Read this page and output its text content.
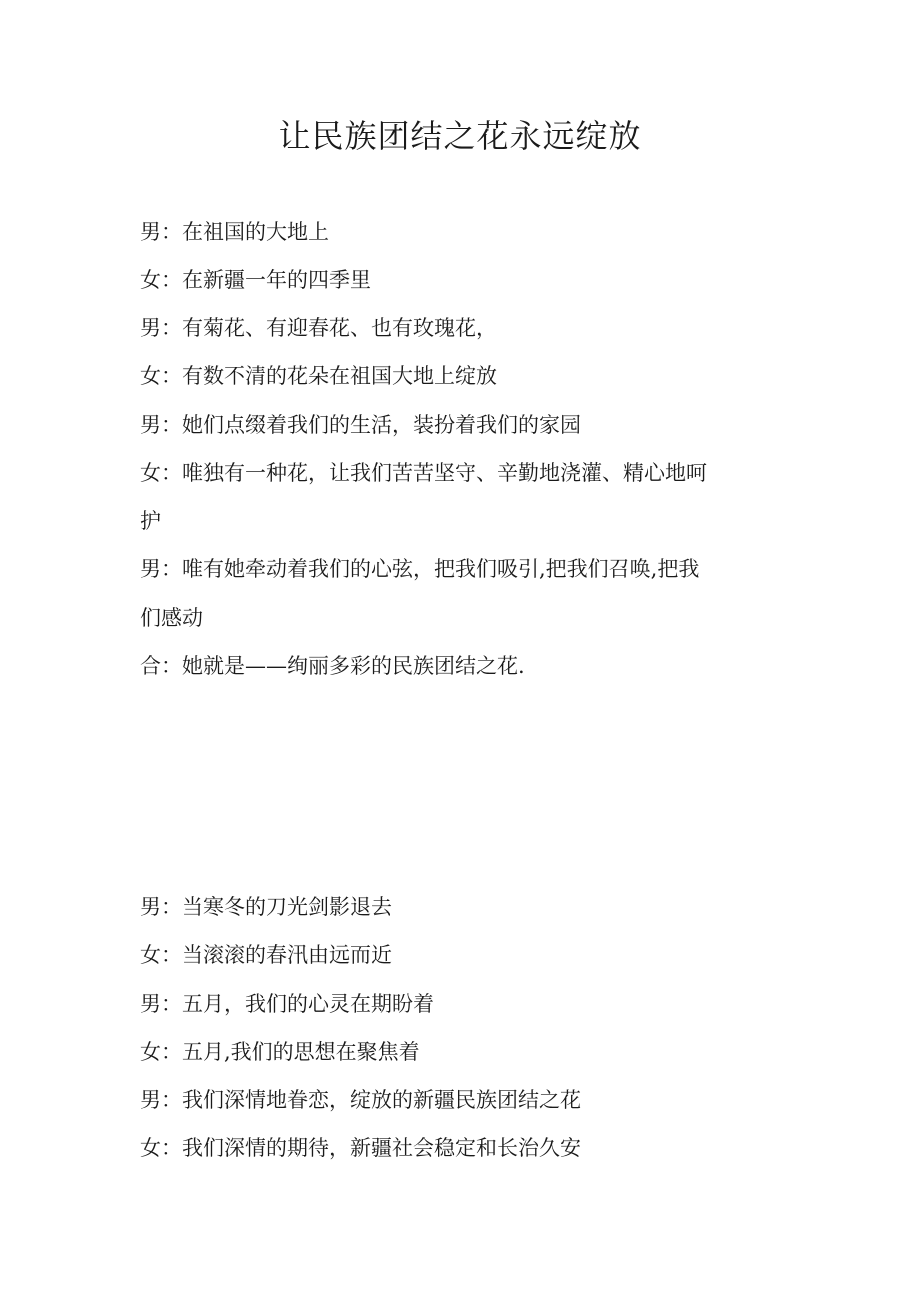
让民族团结之花永远绽放
男：在祖国的大地上
女：在新疆一年的四季里
男：有菊花、有迎春花、也有玫瑰花，
女：有数不清的花朵在祖国大地上绽放
男：她们点缀着我们的生活，装扮着我们的家园
女：唯独有一种花，让我们苦苦坚守、辛勤地浇灌、精心地呵
护
男：唯有她牵动着我们的心弦，把我们吸引,把我们召唤,把我
们感动
合：她就是——绚丽多彩的民族团结之花.
男：当寒冬的刀光剑影退去
女：当滚滚的春汛由远而近
男：五月，我们的心灵在期盼着
女：五月,我们的思想在聚焦着
男：我们深情地眷恋，绽放的新疆民族团结之花
女：我们深情的期待，新疆社会稳定和长治久安
